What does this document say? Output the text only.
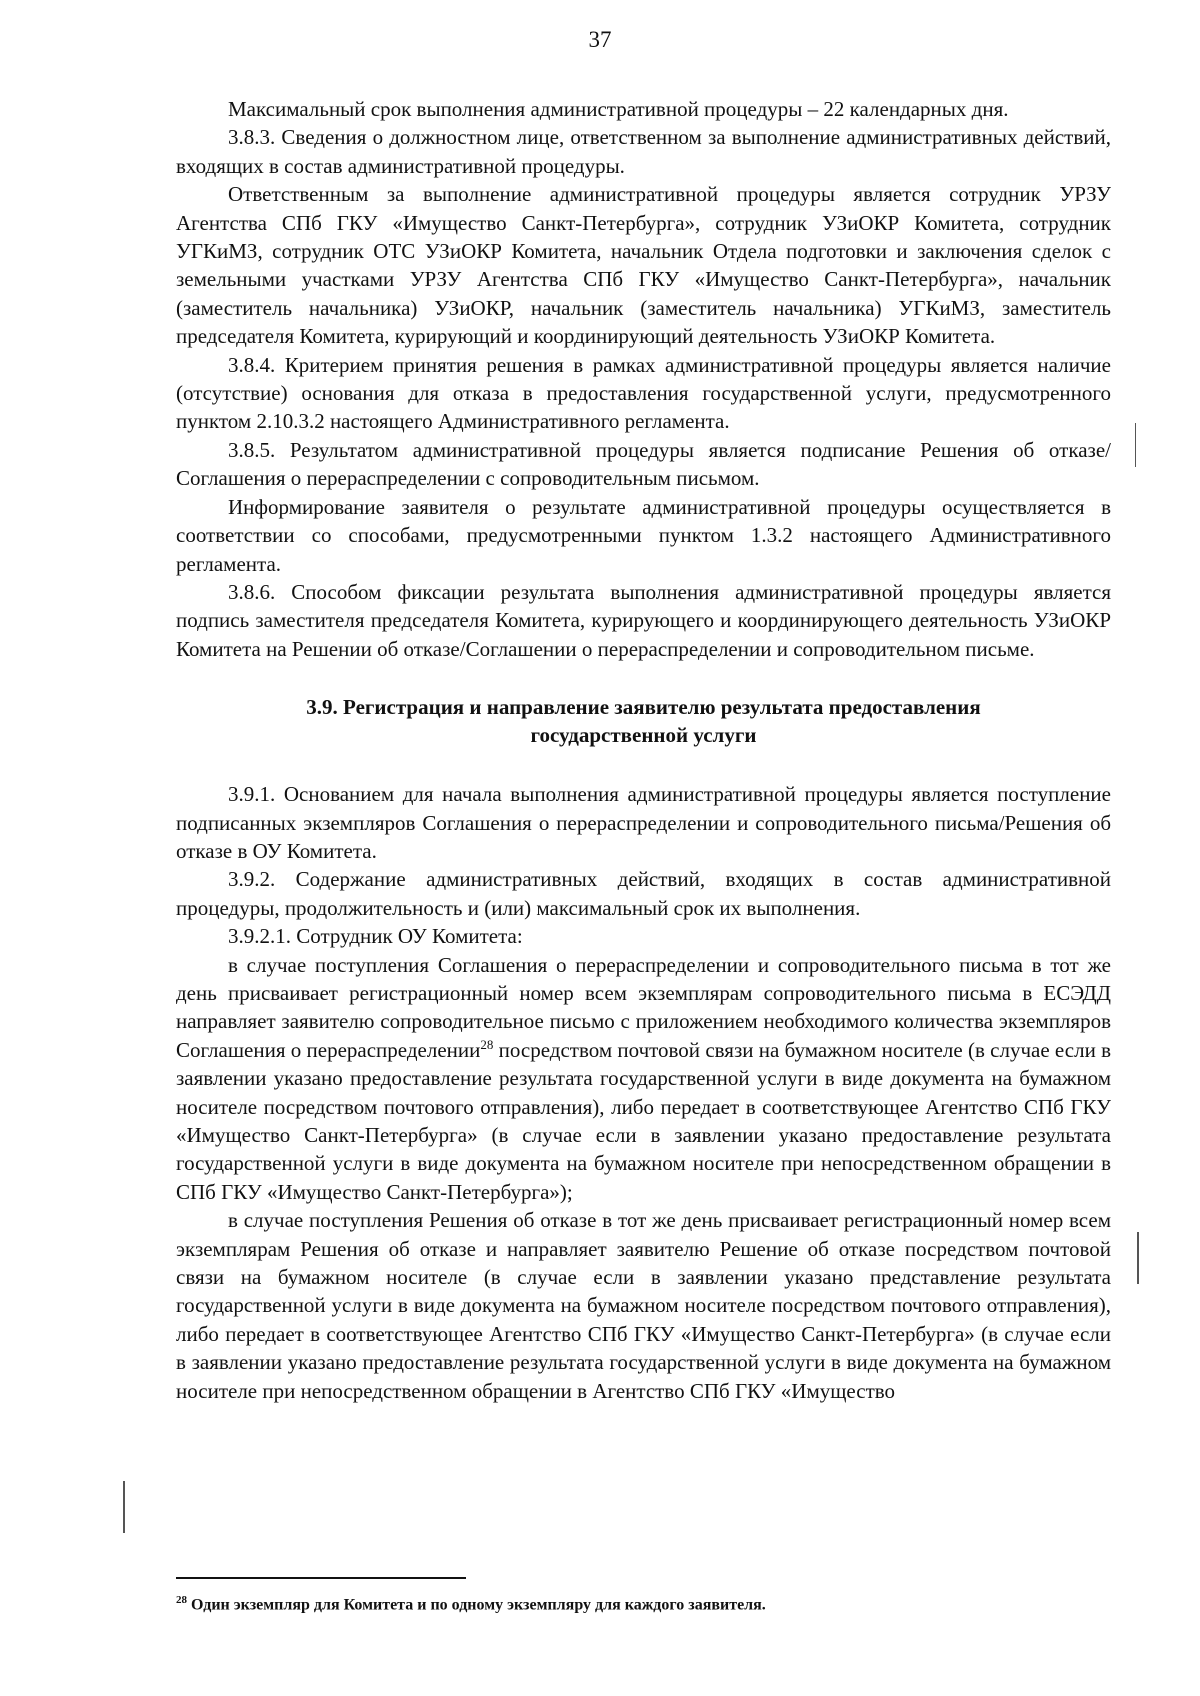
37

Максимальный срок выполнения административной процедуры – 22 календарных дня.

3.8.3. Сведения о должностном лице, ответственном за выполнение административных действий, входящих в состав административной процедуры.

Ответственным за выполнение административной процедуры является сотрудник УРЗУ Агентства СПб ГКУ «Имущество Санкт-Петербурга», сотрудник УЗиОКР Комитета, сотрудник УГКиМЗ, сотрудник ОТС УЗиОКР Комитета, начальник Отдела подготовки и заключения сделок с земельными участками УРЗУ Агентства СПб ГКУ «Имущество Санкт-Петербурга», начальник (заместитель начальника) УЗиОКР, начальник (заместитель начальника) УГКиМЗ, заместитель председателя Комитета, курирующий и координирующий деятельность УЗиОКР Комитета.

3.8.4. Критерием принятия решения в рамках административной процедуры является наличие (отсутствие) основания для отказа в предоставления государственной услуги, предусмотренного пунктом 2.10.3.2 настоящего Административного регламента.

3.8.5. Результатом административной процедуры является подписание Решения об отказе/Соглашения о перераспределении с сопроводительным письмом.

Информирование заявителя о результате административной процедуры осуществляется в соответствии со способами, предусмотренными пунктом 1.3.2 настоящего Административного регламента.

3.8.6. Способом фиксации результата выполнения административной процедуры является подпись заместителя председателя Комитета, курирующего и координирующего деятельность УЗиОКР Комитета на Решении об отказе/Соглашении о перераспределении и сопроводительном письме.

3.9. Регистрация и направление заявителю результата предоставления
государственной услуги

3.9.1. Основанием для начала выполнения административной процедуры является поступление подписанных экземпляров Соглашения о перераспределении и сопроводительного письма/Решения об отказе в ОУ Комитета.

3.9.2. Содержание административных действий, входящих в состав административной процедуры, продолжительность и (или) максимальный срок их выполнения.

3.9.2.1. Сотрудник ОУ Комитета:

в случае поступления Соглашения о перераспределении и сопроводительного письма в тот же день присваивает регистрационный номер всем экземплярам сопроводительного письма в ЕСЭДД направляет заявителю сопроводительное письмо с приложением необходимого количества экземпляров Соглашения о перераспределении$^{28}$ посредством почтовой связи на бумажном носителе (в случае если в заявлении указано предоставление результата государственной услуги в виде документа на бумажном носителе посредством почтового отправления), либо передает в соответствующее Агентство СПб ГКУ «Имущество Санкт-Петербурга» (в случае если в заявлении указано предоставление результата государственной услуги в виде документа на бумажном носителе при непосредственном обращении в СПб ГКУ «Имущество Санкт-Петербурга»);

в случае поступления Решения об отказе в тот же день присваивает регистрационный номер всем экземплярам Решения об отказе и направляет заявителю Решение об отказе посредством почтовой связи на бумажном носителе (в случае если в заявлении указано представление результата государственной услуги в виде документа на бумажном носителе посредством почтового отправления), либо передает в соответствующее Агентство СПб ГКУ «Имущество Санкт-Петербурга» (в случае если в заявлении указано предоставление результата государственной услуги в виде документа на бумажном носителе при непосредственном обращении в Агентство СПб ГКУ «Имущество

$^{28}$ Один экземпляр для Комитета и по одному экземпляру для каждого заявителя.
